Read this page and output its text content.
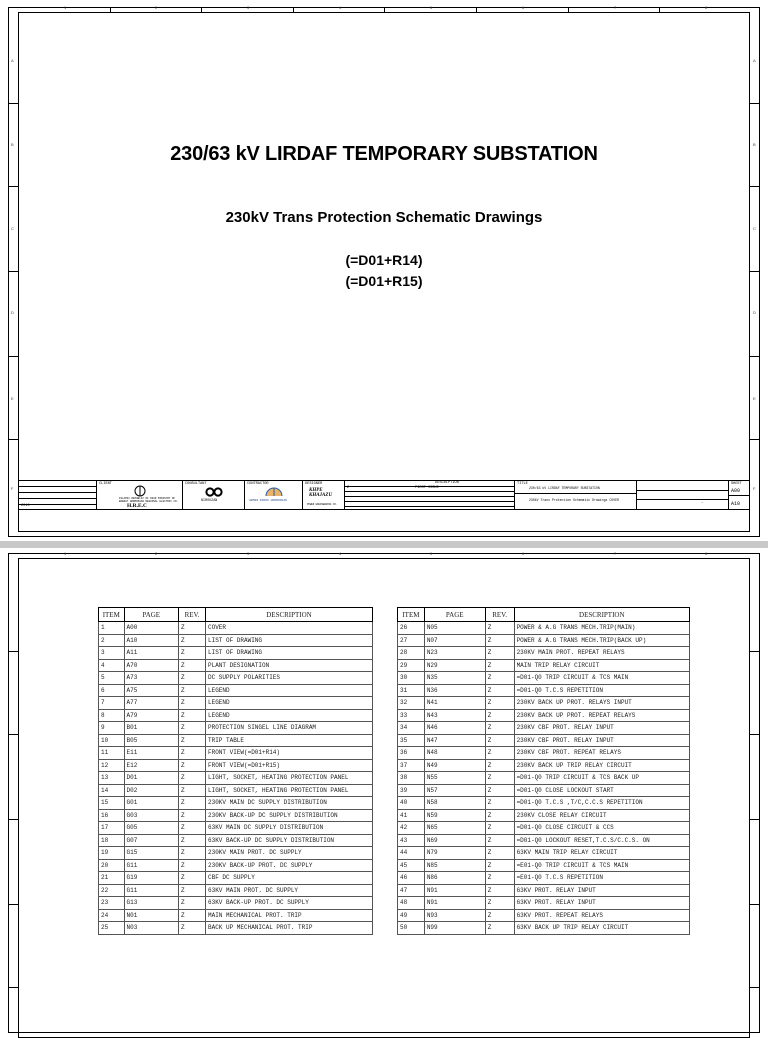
1	2	3	4	5	6	7	8
A
B
C
D
E
F
A
B
C
D
E
F
230/63 kV LIRDAF TEMPORARY SUBSTATION
230kV Trans Protection Schematic Drawings
(=D01+R14)
(=D01+R15)
2010
CLIENT
ISLAMIC REPUBLIC OF IRAN MINISTRY OF ENERGY HORMOZGAN REGIONAL ELECTRIC CO.
H.R.E.C
CONSULTANT
NIROUZAN
CONTRACTOR
ARMAN NIROO HORMOZGAN
DESIGNER
KHPE KHAJAZU
POWER ENGINEERING CO.
DESCRIPTION
Z	FIRST ISSUE
TITLE
230/63 kV LIRDAF TEMPORARY SUBSTATION
230kV Trans Protection Schematic Drawings COVER
–
SHEET
A00
A10
1	2	3	4	5	6	7	8
ITEM	PAGE	REV.	DESCRIPTION
1	A00	Z	COVER
2	A10	Z	LIST OF DRAWING
3	A11	Z	LIST OF DRAWING
4	A70	Z	PLANT DESIGNATION
5	A73	Z	DC SUPPLY POLARITIES
6	A75	Z	LEGEND
7	A77	Z	LEGEND
8	A79	Z	LEGEND
9	B01	Z	PROTECTION SINGEL LINE DIAGRAM
10	B05	Z	TRIP TABLE
11	E11	Z	FRONT VIEW(=D01+R14)
12	E12	Z	FRONT VIEW(=D01+R15)
13	D01	Z	LIGHT, SOCKET, HEATING PROTECTION PANEL
14	D02	Z	LIGHT, SOCKET, HEATING PROTECTION PANEL
15	G01	Z	230KV MAIN DC SUPPLY DISTRIBUTION
16	G03	Z	230KV BACK-UP DC SUPPLY DISTRIBUTION
17	G05	Z	63KV MAIN DC SUPPLY DISTRIBUTION
18	G07	Z	63KV BACK-UP DC SUPPLY DISTRIBUTION
19	G15	Z	230KV MAIN PROT. DC SUPPLY
20	G11	Z	230KV BACK-UP PROT. DC SUPPLY
21	G19	Z	CBF DC SUPPLY
22	G11	Z	63KV MAIN PROT. DC SUPPLY
23	G13	Z	63KV BACK-UP PROT. DC SUPPLY
24	N01	Z	MAIN MECHANICAL PROT. TRIP
25	N03	Z	BACK UP MECHANICAL PROT. TRIP
ITEM	PAGE	REV.	DESCRIPTION
26	N05	Z	POWER & A.G TRANS MECH.TRIP(MAIN)
27	N07	Z	POWER & A.G TRANS MECH.TRIP(BACK UP)
28	N23	Z	230KV MAIN PROT. REPEAT RELAYS
29	N29	Z	MAIN TRIP RELAY CIRCUIT
30	N35	Z	=D01-Q0 TRIP CIRCUIT & TCS MAIN
31	N36	Z	=D01-Q0 T.C.S REPETITION
32	N41	Z	230KV BACK UP PROT. RELAYS INPUT
33	N43	Z	230KV BACK UP PROT. REPEAT RELAYS
34	N46	Z	230KV CBF PROT. RELAY INPUT
35	N47	Z	230KV CBF PROT. RELAY INPUT
36	N48	Z	230KV CBF PROT. REPEAT RELAYS
37	N49	Z	230KV BACK UP TRIP RELAY CIRCUIT
38	N55	Z	=D01-Q0 TRIP CIRCUIT & TCS BACK UP
39	N57	Z	=D01-Q0 CLOSE LOCKOUT START
40	N58	Z	=D01-Q0 T.C.S ,T/C,C.C.S REPETITION
41	N59	Z	230KV CLOSE RELAY CIRCUIT
42	N65	Z	=D01-Q0 CLOSE CIRCUIT & CCS
43	N69	Z	=D01-Q0 LOCKOUT RESET,T.C.S/C.C.S. ON
44	N79	Z	63KV MAIN TRIP RELAY CIRCUIT
45	N85	Z	=E01-Q0 TRIP CIRCUIT & TCS MAIN
46	N86	Z	=E01-Q0 T.C.S REPETITION
47	N91	Z	63KV PROT. RELAY INPUT
48	N91	Z	63KV PROT. RELAY INPUT
49	N93	Z	63KV PROT. REPEAT RELAYS
50	N99	Z	63KV BACK UP TRIP RELAY CIRCUIT
